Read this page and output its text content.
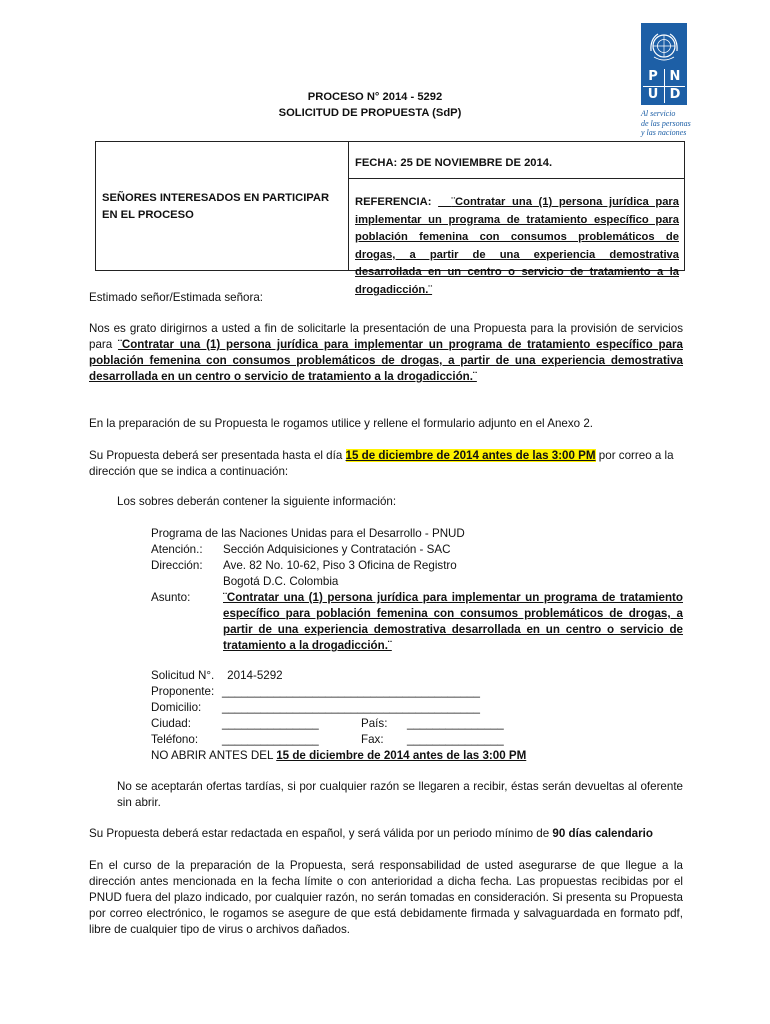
P N
U D
Al servicio
de las personas
y las naciones
PROCESO N° 2014 - 5292
SOLICITUD DE PROPUESTA (SdP)
SEÑORES INTERESADOS EN PARTICIPAR EN EL PROCESO
FECHA: 25 DE NOVIEMBRE DE 2014.
REFERENCIA: ¨Contratar una (1) persona jurídica para implementar un programa de tratamiento específico para población femenina con consumos problemáticos de drogas, a partir de una experiencia demostrativa desarrollada en un centro o servicio de tratamiento a la drogadicción.¨
Estimado señor/Estimada señora:
Nos es grato dirigirnos a usted a fin de solicitarle la presentación de una Propuesta para la provisión de servicios para ¨Contratar una (1) persona jurídica para implementar un programa de tratamiento específico para población femenina con consumos problemáticos de drogas, a partir de una experiencia demostrativa desarrollada en un centro o servicio de tratamiento a la drogadicción.¨
En la preparación de su Propuesta le rogamos utilice y rellene el formulario adjunto en el Anexo 2.
Su Propuesta deberá ser presentada hasta el día 15 de diciembre de 2014 antes de las 3:00 PM por correo a la
dirección que se indica a continuación:
Los sobres deberán contener la siguiente información:
Programa de las Naciones Unidas para el Desarrollo - PNUD
Atención.: Sección Adquisiciones y Contratación - SAC
Dirección: Ave. 82 No. 10-62, Piso 3 Oficina de Registro
Bogotá D.C. Colombia
Asunto:	¨Contratar una (1) persona jurídica para implementar un programa de tratamiento específico para población femenina con consumos problemáticos de drogas, a partir de una experiencia demostrativa desarrollada en un centro o servicio de tratamiento a la drogadicción.¨
Solicitud N°. 2014-5292
Proponente: ________________________________________
Domicilio: ________________________________________
Ciudad:	_______________	País: _______________
Teléfono: _______________	Fax: _______________
NO ABRIR ANTES DEL 15 de diciembre de 2014 antes de las 3:00 PM
No se aceptarán ofertas tardías, si por cualquier razón se llegaren a recibir, éstas serán devueltas al oferente sin abrir.
Su Propuesta deberá estar redactada en español, y será válida por un periodo mínimo de 90 días calendario
En el curso de la preparación de la Propuesta, será responsabilidad de usted asegurarse de que llegue a la dirección antes mencionada en la fecha límite o con anterioridad a dicha fecha. Las propuestas recibidas por el PNUD fuera del plazo indicado, por cualquier razón, no serán tomadas en consideración. Si presenta su Propuesta por correo electrónico, le rogamos se asegure de que está debidamente firmada y salvaguardada en formato pdf, libre de cualquier tipo de virus o archivos dañados.
